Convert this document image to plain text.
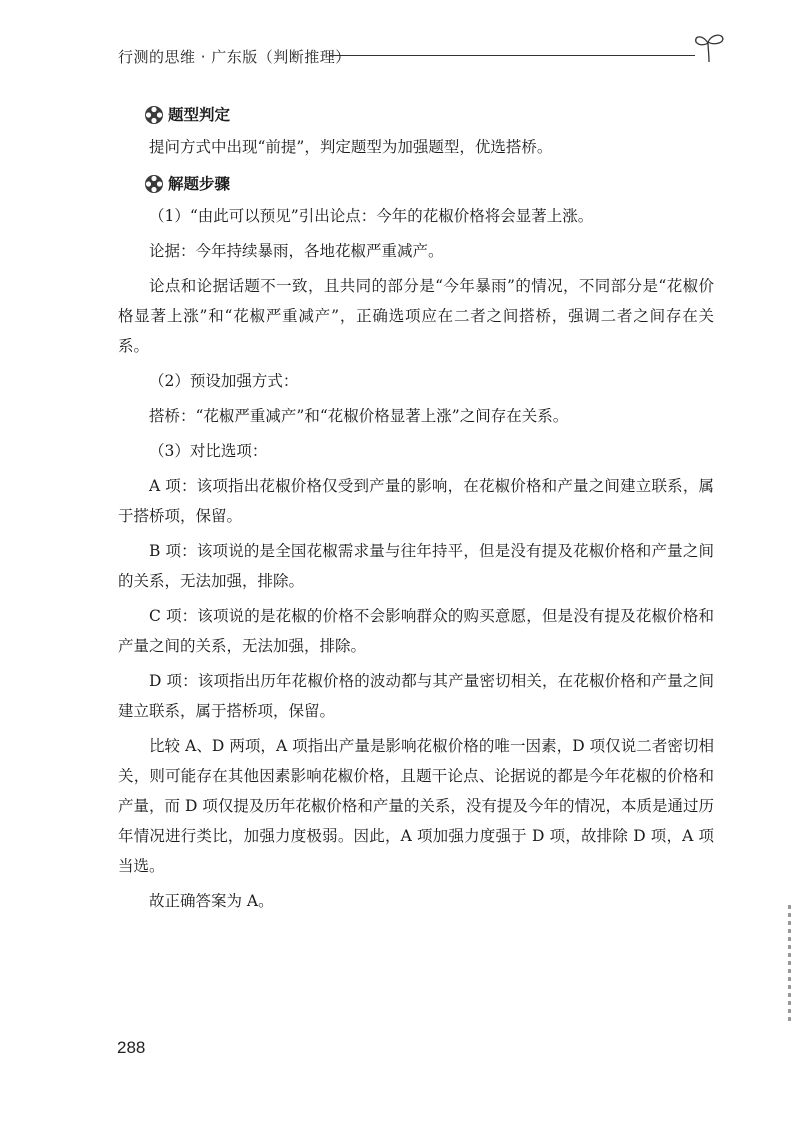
行测的思维 · 广东版（判断推理）
题型判定

提问方式中出现“前提”，判定题型为加强题型，优选搭桥。

解题步骤

（1）“由此可以预见”引出论点：今年的花椒价格将会显著上涨。

论据：今年持续暴雨，各地花椒严重减产。

论点和论据话题不一致，且共同的部分是“今年暴雨”的情况，不同部分是“花椒价格显著上涨”和“花椒严重减产”，正确选项应在二者之间搭桥，强调二者之间存在关系。

（2）预设加强方式：

搭桥：“花椒严重减产”和“花椒价格显著上涨”之间存在关系。

（3）对比选项：

A 项：该项指出花椒价格仅受到产量的影响，在花椒价格和产量之间建立联系，属于搭桥项，保留。

B 项：该项说的是全国花椒需求量与往年持平，但是没有提及花椒价格和产量之间的关系，无法加强，排除。

C 项：该项说的是花椒的价格不会影响群众的购买意愿，但是没有提及花椒价格和产量之间的关系，无法加强，排除。

D 项：该项指出历年花椒价格的波动都与其产量密切相关，在花椒价格和产量之间建立联系，属于搭桥项，保留。

比较 A、D 两项，A 项指出产量是影响花椒价格的唯一因素，D 项仅说二者密切相关，则可能存在其他因素影响花椒价格，且题干论点、论据说的都是今年花椒的价格和产量，而 D 项仅提及历年花椒价格和产量的关系，没有提及今年的情况，本质是通过历年情况进行类比，加强力度极弱。因此，A 项加强力度强于 D 项，故排除 D 项，A 项当选。

故正确答案为 A。

288
